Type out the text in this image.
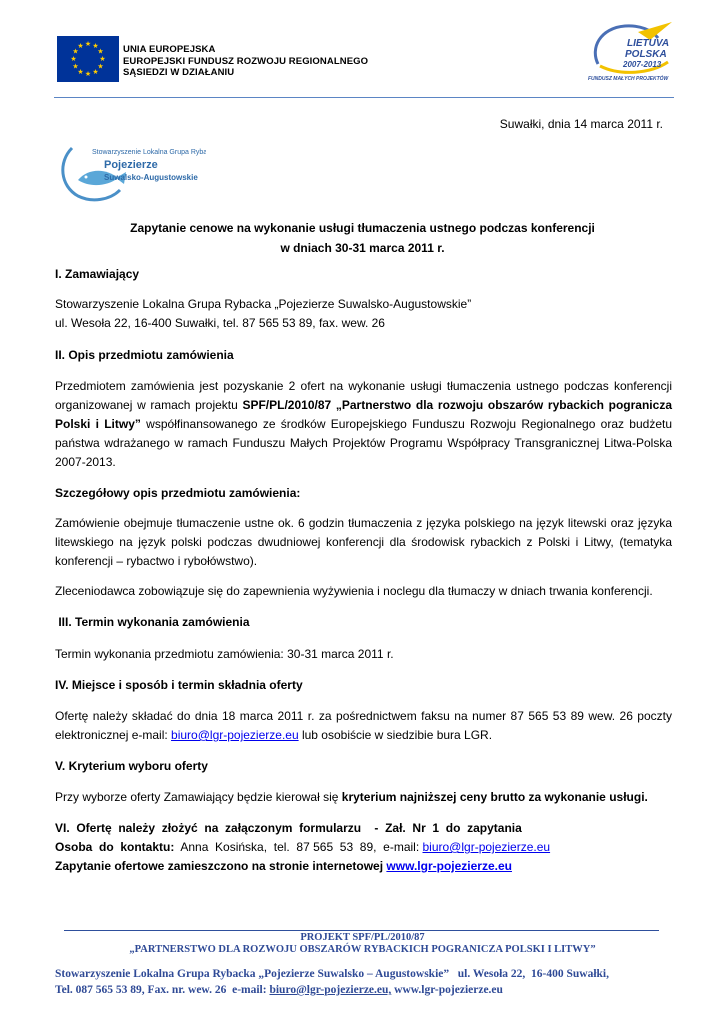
★ ★
★
★
★
★
★
★
★
★
★
★	UNIA EUROPEJSKA
EUROPEJSKI FUNDUSZ ROZWOJU REGIONALNEGO
SĄSIEDZI W DZIAŁANIU
LIETUVA
POLSKA
2007-2013
FUNDUSZ MAŁYCH PROJEKTÓW
Suwałki, dnia 14 marca 2011 r.
Stowarzyszenie Lokalna Grupa Rybacka
Pojezierze
Suwalsko-Augustowskie
Zapytanie cenowe na wykonanie usługi tłumaczenia ustnego podczas konferencji
w dniach 30-31 marca 2011 r.
I. Zamawiający
Stowarzyszenie Lokalna Grupa Rybacka „Pojezierze Suwalsko-Augustowskie”
ul. Wesoła 22, 16-400 Suwałki, tel. 87 565 53 89, fax. wew. 26
II. Opis przedmiotu zamówienia
Przedmiotem zamówienia jest pozyskanie 2 ofert na wykonanie usługi tłumaczenia ustnego podczas konferencji organizowanej w ramach projektu SPF/PL/2010/87 „Partnerstwo dla rozwoju obszarów rybackich pogranicza Polski i Litwy” współfinansowanego ze środków Europejskiego Funduszu Rozwoju Regionalnego oraz budżetu państwa wdrażanego w ramach Funduszu Małych Projektów Programu Współpracy Transgranicznej Litwa-Polska 2007-2013.
Szczegółowy opis przedmiotu zamówienia:
Zamówienie obejmuje tłumaczenie ustne ok. 6 godzin tłumaczenia z języka polskiego na język litewski oraz języka litewskiego na język polski podczas dwudniowej konferencji dla środowisk rybackich z Polski i Litwy, (tematyka konferencji – rybactwo i rybołówstwo).
Zleceniodawca zobowiązuje się do zapewnienia wyżywienia i noclegu dla tłumaczy w dniach trwania konferencji.
III. Termin wykonania zamówienia
Termin wykonania przedmiotu zamówienia: 30-31 marca 2011 r.
IV. Miejsce i sposób i termin składnia oferty
Ofertę należy składać do dnia 18 marca 2011 r. za pośrednictwem faksu na numer 87 565 53 89 wew. 26 poczty elektronicznej e-mail: biuro@lgr-pojezierze.eu lub osobiście w siedzibie bura LGR.
V. Kryterium wyboru oferty
Przy wyborze oferty Zamawiający będzie kierował się kryterium najniższej ceny brutto za wykonanie usługi.
VI.  Ofertę  należy  złożyć  na  załączonym  formularzu    -  Zał.  Nr  1  do  zapytania
Osoba  do  kontaktu:  Anna  Kosińska,  tel.  87 565  53  89,  e-mail: biuro@lgr-pojezierze.eu
Zapytanie ofertowe zamieszczono na stronie internetowej www.lgr-pojezierze.eu
PROJEKT SPF/PL/2010/87
„PARTNERSTWO DLA ROZWOJU OBSZARÓW RYBACKICH POGRANICZA POLSKI I LITWY”
Stowarzyszenie Lokalna Grupa Rybacka „Pojezierze Suwalsko – Augustowskie”   ul. Wesoła 22,  16-400 Suwałki,
Tel. 087 565 53 89, Fax. nr. wew. 26  e-mail: biuro@lgr-pojezierze.eu, www.lgr-pojezierze.eu
